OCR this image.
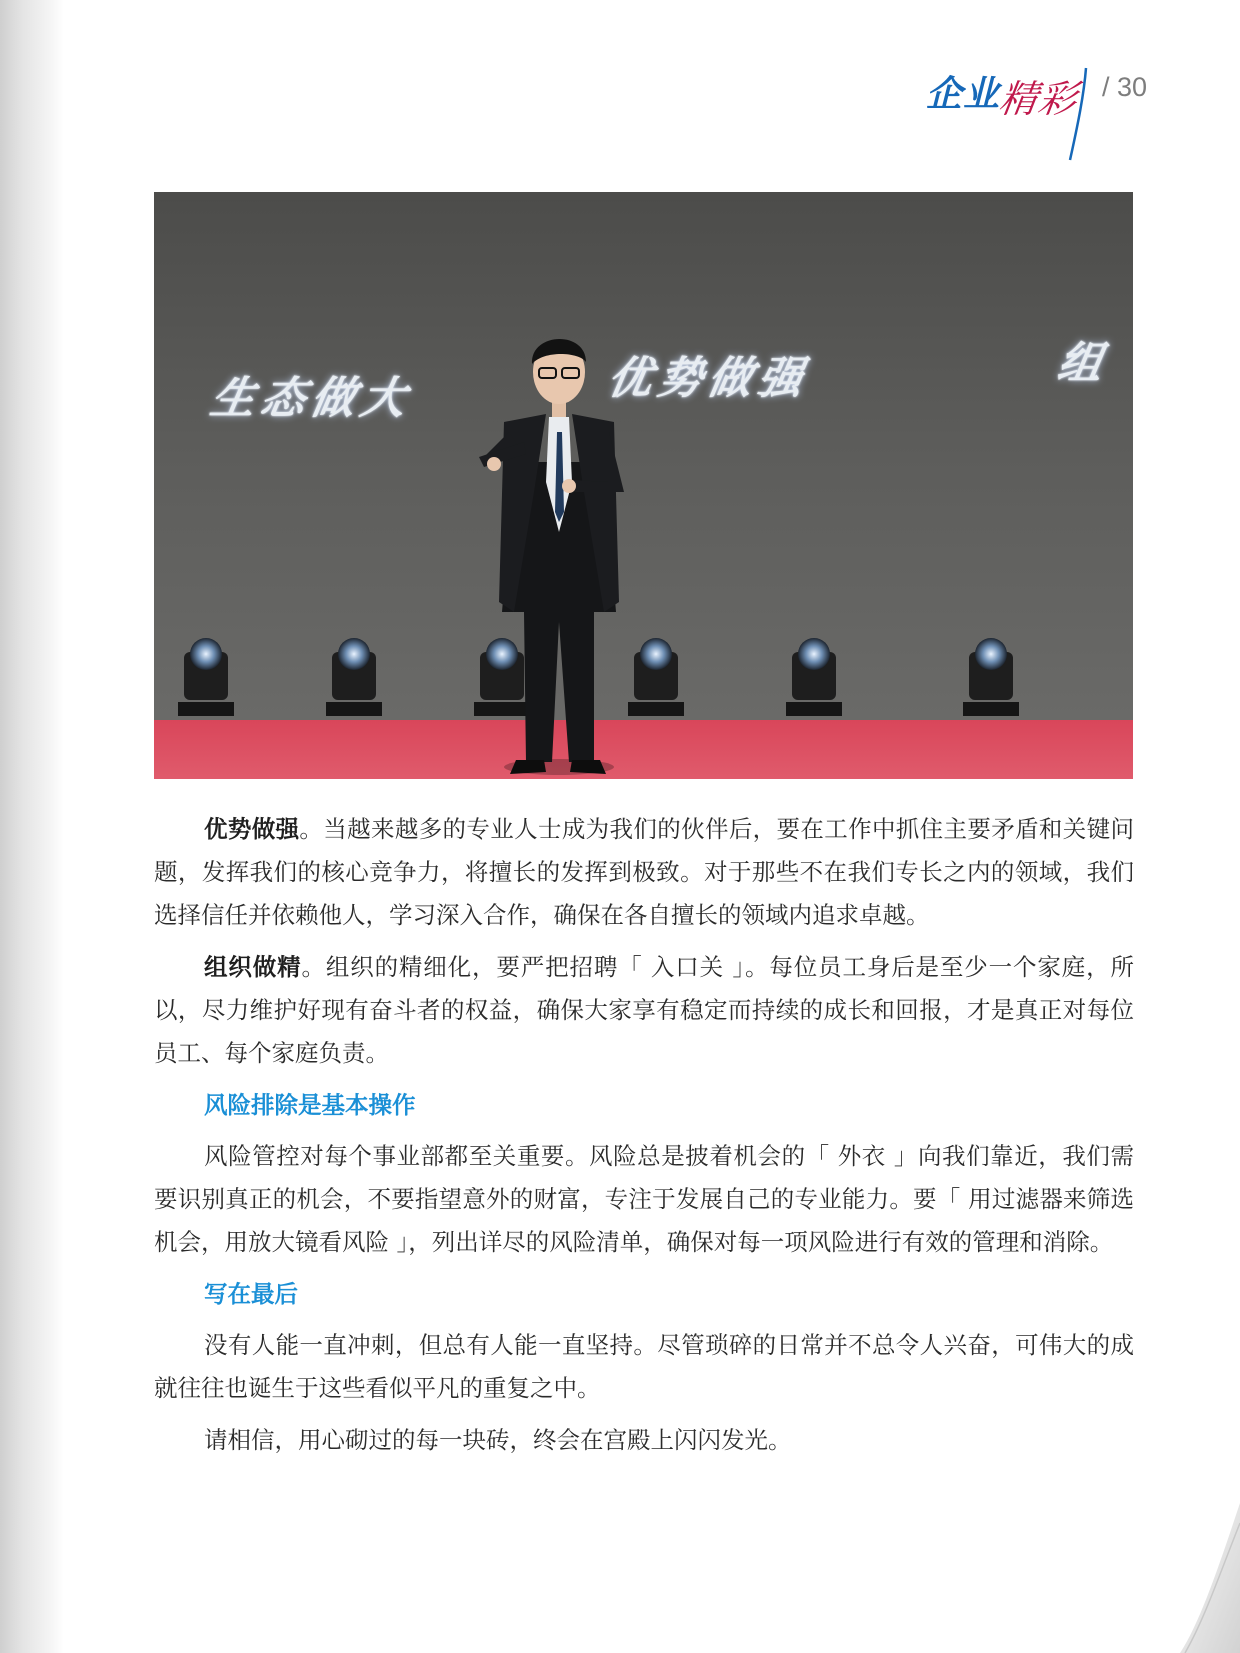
企业
精彩 / 30
生态做大	优势做强	组

优势做强。当越来越多的专业人士成为我们的伙伴后，要在工作中抓住主要矛盾和关键问题，发挥我们的核心竞争力，将擅长的发挥到极致。对于那些不在我们专长之内的领域，我们选择信任并依赖他人，学习深入合作，确保在各自擅长的领域内追求卓越。

组织做精。组织的精细化，要严把招聘「 入口关 」。每位员工身后是至少一个家庭，所以，尽力维护好现有奋斗者的权益，确保大家享有稳定而持续的成长和回报，才是真正对每位员工、每个家庭负责。

风险排除是基本操作

风险管控对每个事业部都至关重要。风险总是披着机会的「 外衣 」向我们靠近，我们需要识别真正的机会，不要指望意外的财富，专注于发展自己的专业能力。要「 用过滤器来筛选机会，用放大镜看风险 」，列出详尽的风险清单，确保对每一项风险进行有效的管理和消除。

写在最后

没有人能一直冲刺，但总有人能一直坚持。尽管琐碎的日常并不总令人兴奋，可伟大的成就往往也诞生于这些看似平凡的重复之中。

请相信，用心砌过的每一块砖，终会在宫殿上闪闪发光。
